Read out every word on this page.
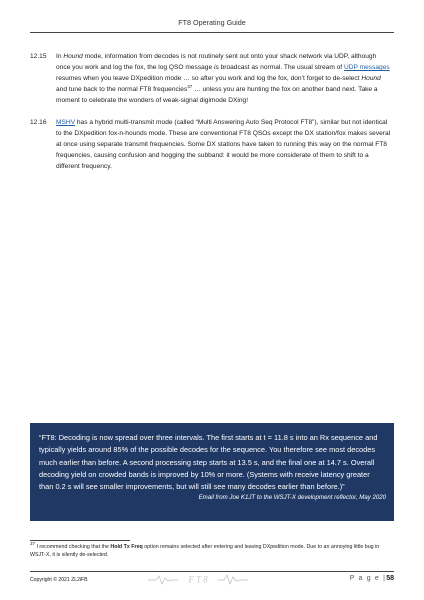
FT8 Operating Guide
12.15	In Hound mode, information from decodes is not routinely sent out onto your shack network via UDP, although once you work and log the fox, the log QSO message is broadcast as normal. The usual stream of UDP messages resumes when you leave DXpedition mode … so after you work and log the fox, don’t forget to de-select Hound and tune back to the normal FT8 frequencies$^{37}$ … unless you are hunting the fox on another band next. Take a moment to celebrate the wonders of weak-signal digimode DXing!
12.16	MSHV has a hybrid multi-transmit mode (called “Multi Answering Auto Seq Protocol FT8”), similar but not identical to the DXpedition fox-n-hounds mode. These are conventional FT8 QSOs except the DX station/fox makes several at once using separate transmit frequencies. Some DX stations have taken to running this way on the normal FT8 frequencies, causing confusion and hogging the subband: it would be more considerate of them to shift to a different frequency.
“FT8: Decoding is now spread over three intervals. The first starts at t = 11.8 s into an Rx sequence and typically yields around 85% of the possible decodes for the sequence. You therefore see most decodes much earlier than before. A second processing step starts at 13.5 s, and the final one at 14.7 s. Overall decoding yield on crowded bands is improved by 10% or more. (Systems with receive latency greater than 0.2 s will see smaller improvements, but will still see many decodes earlier than before.)”
Email from Joe K1JT to the WSJT-X development reflector, May 2020
$^{37}$ I recommend checking that the Hold Tx Freq option remains selected after entering and leaving DXpedition mode. Due to an annoying little bug in WSJT-X, it is silently de-selected.
Copyright © 2021 ZL2iFB	F T 8	P a g e |58
